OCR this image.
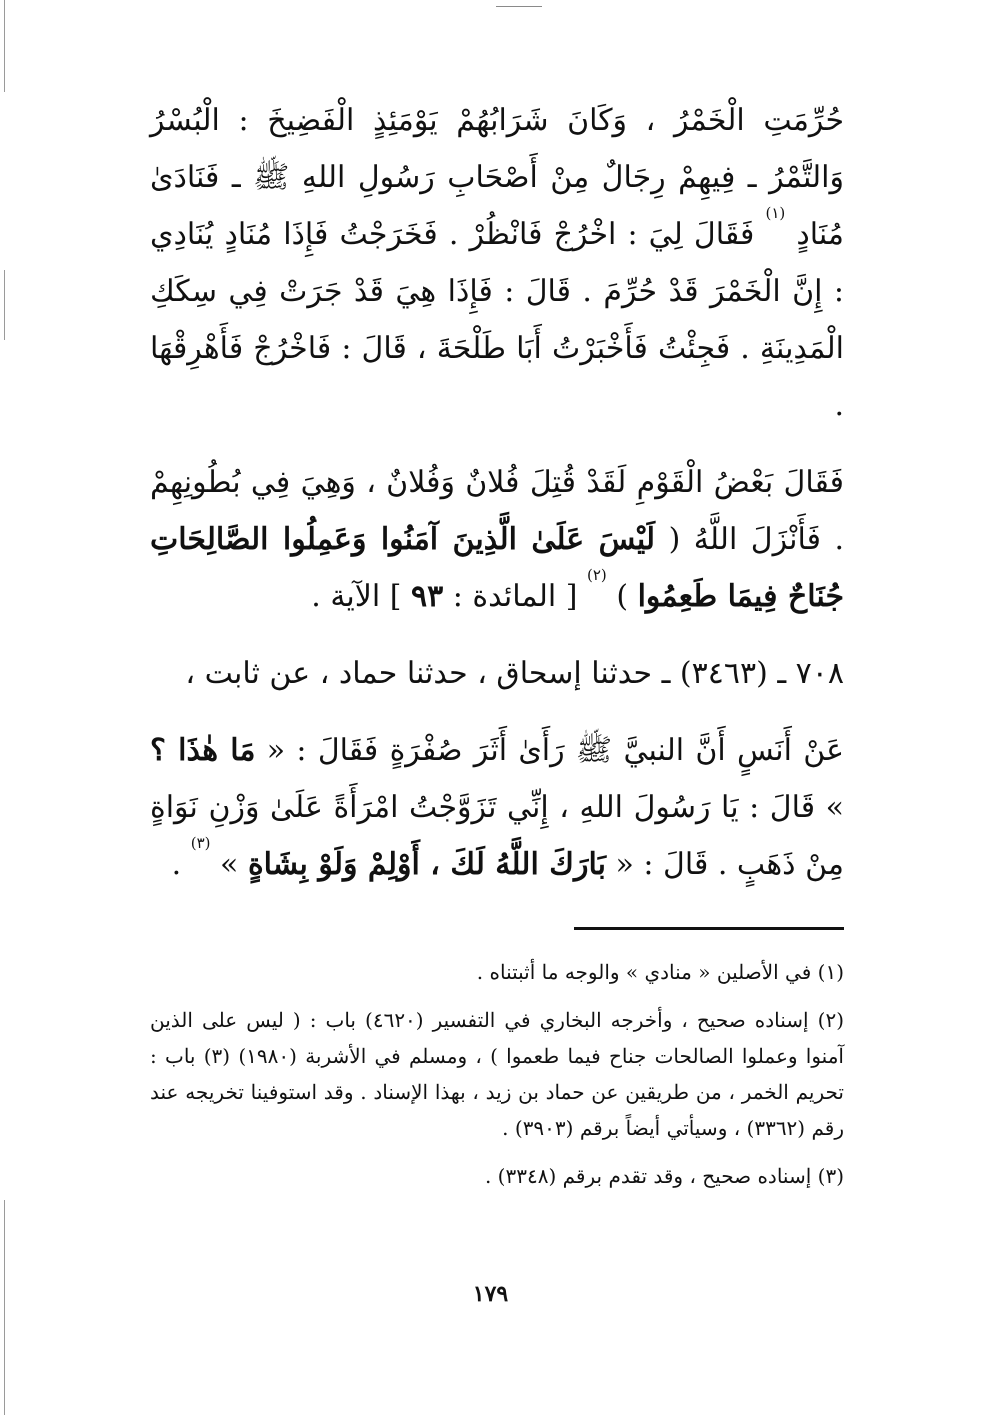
حُرِّمَتِ الْخَمْرُ ، وَكَانَ شَرَابُهُمْ يَوْمَئِذٍ الْفَضِيخَ : الْبُسْرُ وَالتَّمْرُ ـ فِيهِمْ رِجَالٌ مِنْ أَصْحَابِ رَسُولِ اللهِ ﷺ ـ فَنَادَىٰ مُنَادٍ $^{(١)}$ فَقَالَ لِيَ : اخْرُجْ فَانْظُرْ . فَخَرَجْتُ فَإِذَا مُنَادٍ يُنَادِي : إِنَّ الْخَمْرَ قَدْ حُرِّمَ . قَالَ : فَإِذَا هِيَ قَدْ جَرَتْ فِي سِكَكِ الْمَدِينَةِ . فَجِئْتُ فَأَخْبَرْتُ أَبَا طَلْحَةَ ، قَالَ : فَاخْرُجْ فَأَهْرِقْهَا .

فَقَالَ بَعْضُ الْقَوْمِ لَقَدْ قُتِلَ فُلانٌ وَفُلانٌ ، وَهِيَ فِي بُطُونِهِمْ . فَأَنْزَلَ اللَّهُ ( لَيْسَ عَلَىٰ الَّذِينَ آمَنُوا وَعَمِلُوا الصَّالِحَاتِ جُنَاحٌ فِيمَا طَعِمُوا ) $^{(٢)}$ [ المائدة : ٩٣ ] الآية .

٧٠٨ ـ (٣٤٦٣) ـ حدثنا إسحاق ، حدثنا حماد ، عن ثابت ،

عَنْ أَنَسٍ أَنَّ النبيَّ ﷺ رَأَىٰ أَثَرَ صُفْرَةٍ فَقَالَ : « مَا هٰذَا ؟ » قَالَ : يَا رَسُولَ اللهِ ، إِنِّي تَزَوَّجْتُ امْرَأَةً عَلَىٰ وَزْنِ نَوَاةٍ مِنْ ذَهَبٍ . قَالَ : « بَارَكَ اللَّهُ لَكَ ، أَوْلِمْ وَلَوْ بِشَاةٍ » $^{(٣)}$ .

(١) في الأصلين « منادي » والوجه ما أثبتناه .

(٢) إسناده صحيح ، وأخرجه البخاري في التفسير (٤٦٢٠) باب : ( ليس على الذين آمنوا وعملوا الصالحات جناح فيما طعموا ) ، ومسلم في الأشربة (١٩٨٠) (٣) باب : تحريم الخمر ، من طريقين عن حماد بن زيد ، بهذا الإسناد . وقد استوفينا تخريجه عند رقم (٣٣٦٢) ، وسيأتي أيضاً برقم (٣٩٠٣) .

(٣) إسناده صحيح ، وقد تقدم برقم (٣٣٤٨) .

١٧٩
